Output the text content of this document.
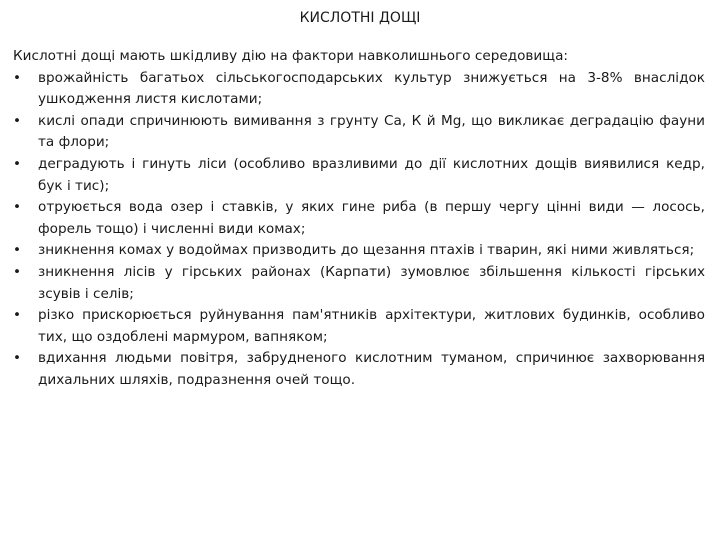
КИСЛОТНІ ДОЩІ

Кислотні дощі мають шкідливу дію на фактори навколишнього середовища:

• врожайність багатьох сільськогосподарських культур знижується на 3-8% внаслідок ушкодження листя кислотами;
• кислі опади спричинюють вимивання з грунту Са, К й Mg, що викликає деградацію фауни та флори;
• деградують і гинуть ліси (особливо вразливими до дії кислотних дощів виявилися кедр, бук і тис);
• отруюється вода озер і ставків, у яких гине риба (в першу чергу цінні види — лосось, форель тощо) і численні види комах;
• зникнення комах у водоймах призводить до щезання птахів і тварин, які ними живляться;
• зникнення лісів у гірських районах (Карпати) зумовлює збільшення кількості гірських зсувів і селів;
• різко прискорюється руйнування пам'ятників архітектури, житлових будинків, особливо тих, що оздоблені мармуром, вапняком;
• вдихання людьми повітря, забрудненого кислотним туманом, спричинює захворювання дихальних шляхів, подразнення очей тощо.
